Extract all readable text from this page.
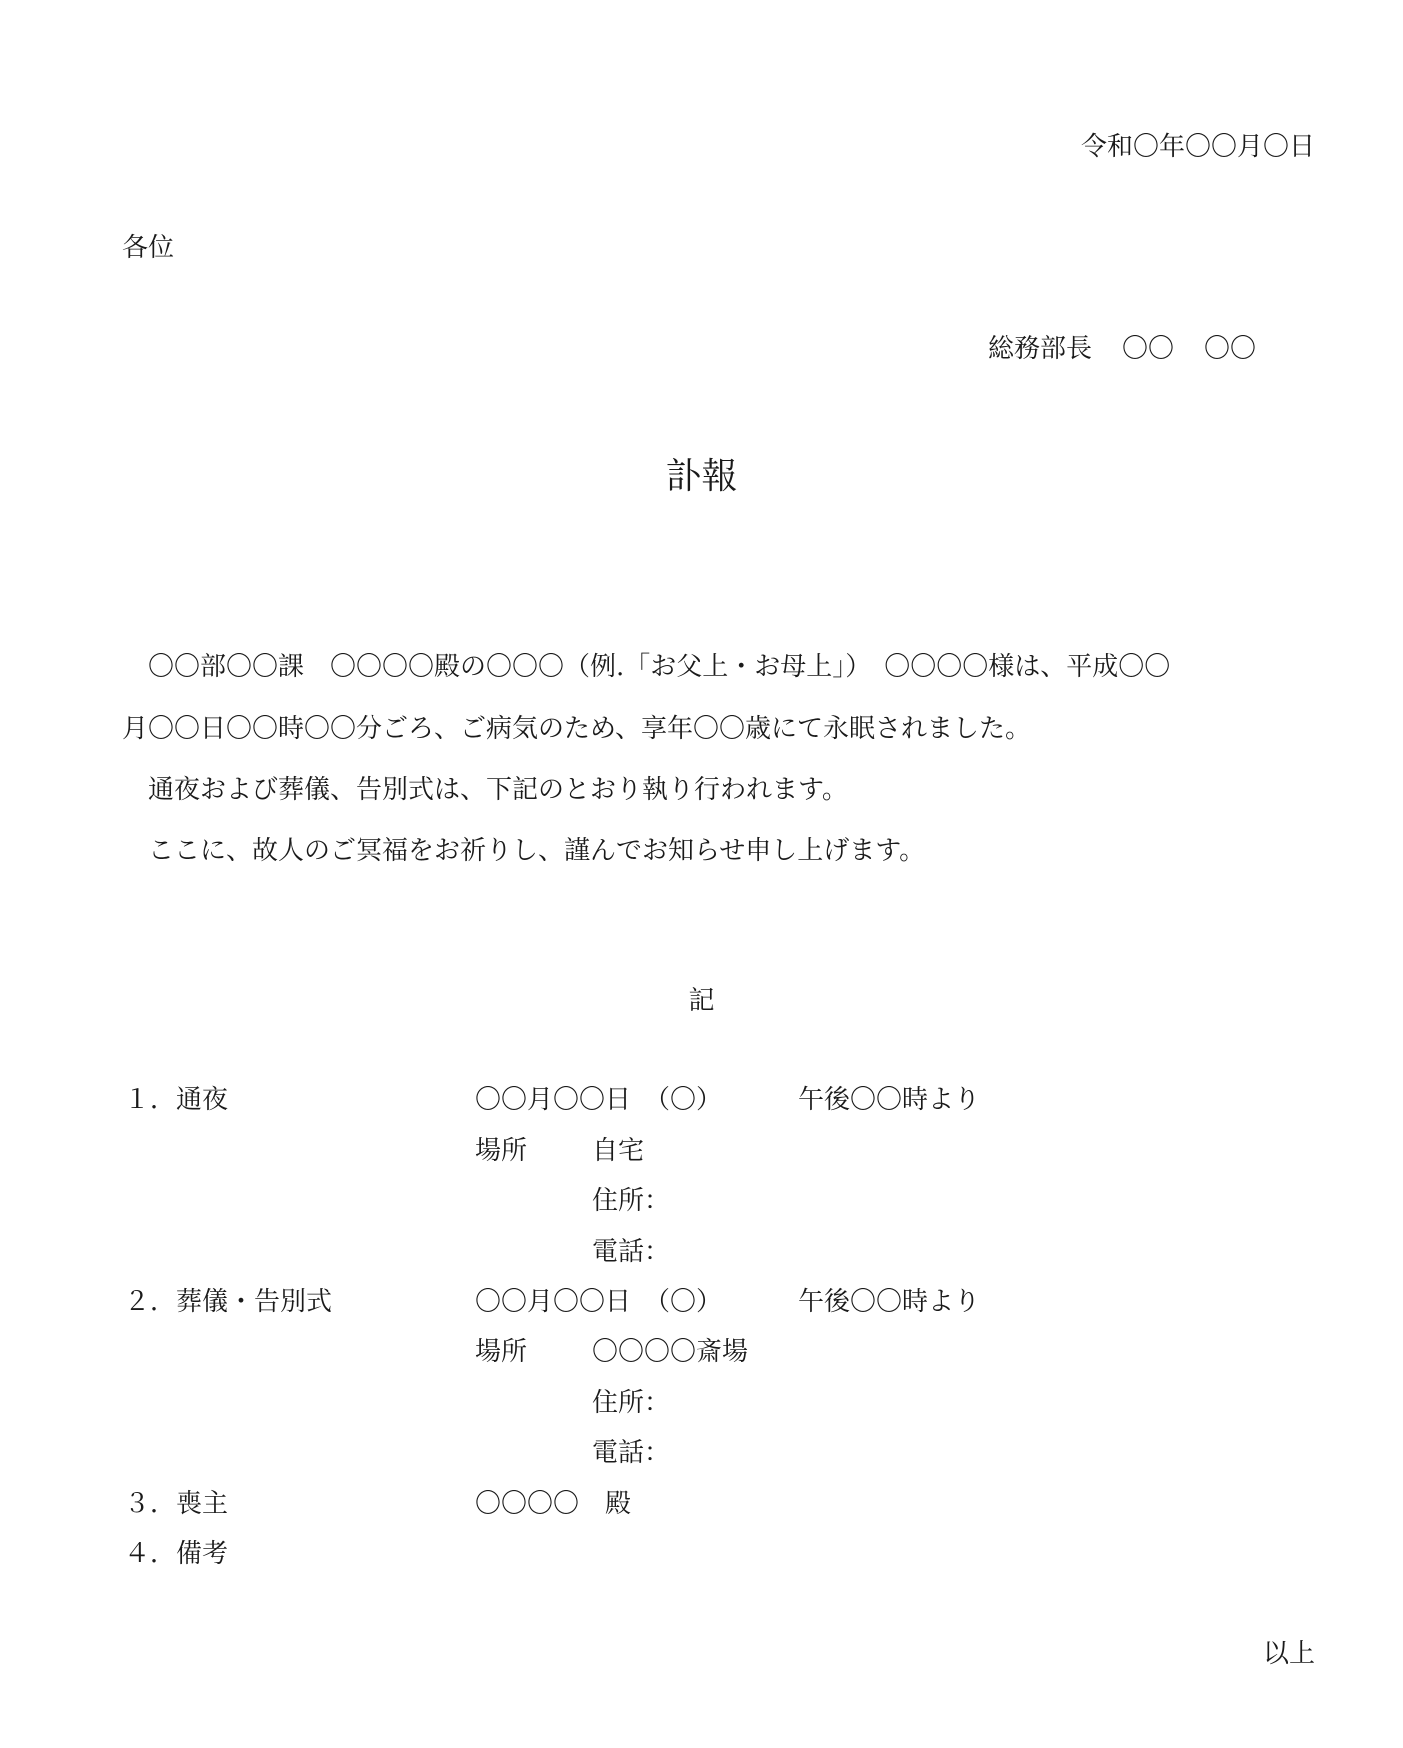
令和〇年〇〇月〇日
各位
総務部長 〇〇 〇〇
訃報
　〇〇部〇〇課　〇〇〇〇殿の〇〇〇（例.「お父上・お母上」）　〇〇〇〇様は、平成〇〇
月〇〇日〇〇時〇〇分ごろ、ご病気のため、享年〇〇歳にて永眠されました。
　通夜および葬儀、告別式は、下記のとおり執り行われます。
　ここに、故人のご冥福をお祈りし、謹んでお知らせ申し上げます。
記
１．通夜	〇〇月〇〇日　（〇）	午後〇〇時より
場所 自宅
住所：
電話：
２．葬儀・告別式	〇〇月〇〇日　（〇）	午後〇〇時より
場所 〇〇〇〇斎場
住所：
電話：
３．喪主	〇〇〇〇　殿
４．備考
以上
